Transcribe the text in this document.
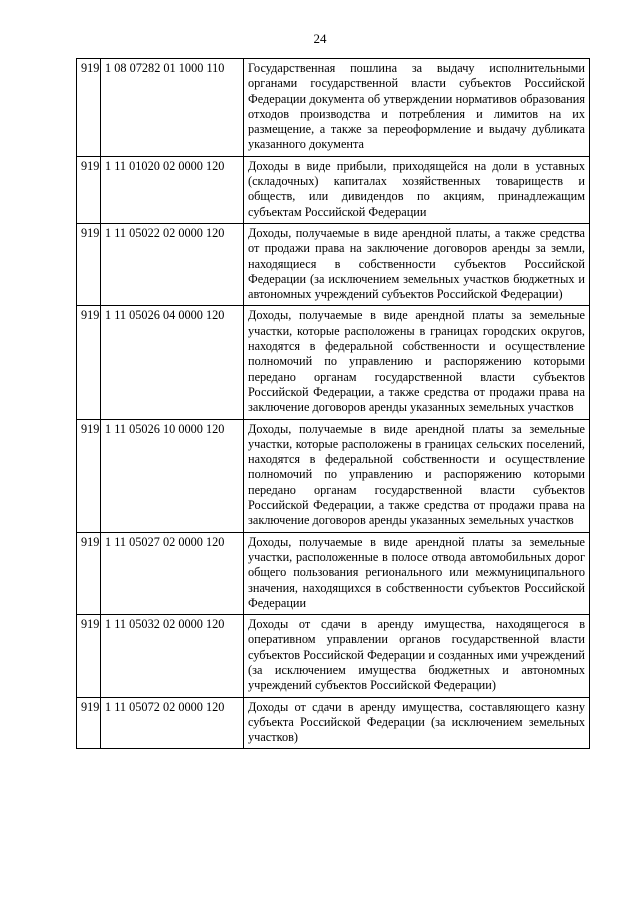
24
919	1 08 07282 01 1000 110	Государственная пошлина за выдачу исполнительными органами государственной власти субъектов Российской Федерации документа об утверждении нормативов образования отходов производства и потребления и лимитов на их размещение, а также за переоформление и выдачу дубликата указанного документа
919	1 11 01020 02 0000 120	Доходы в виде прибыли, приходящейся на доли в уставных (складочных) капиталах хозяйственных товариществ и обществ, или дивидендов по акциям, принадлежащим субъектам Российской Федерации
919	1 11 05022 02 0000 120	Доходы, получаемые в виде арендной платы, а также средства от продажи права на заключение договоров аренды за земли, находящиеся в собственности субъектов Российской Федерации (за исключением земельных участков бюджетных и автономных учреждений субъектов Российской Федерации)
919	1 11 05026 04 0000 120	Доходы, получаемые в виде арендной платы за земельные участки, которые расположены в границах городских округов, находятся в федеральной собственности и осуществление полномочий по управлению и распоряжению которыми передано органам государственной власти субъектов Российской Федерации, а также средства от продажи права на заключение договоров аренды указанных земельных участков
919	1 11 05026 10 0000 120	Доходы, получаемые в виде арендной платы за земельные участки, которые расположены в границах сельских поселений, находятся в федеральной собственности и осуществление полномочий по управлению и распоряжению которыми передано органам государственной власти субъектов Российской Федерации, а также средства от продажи права на заключение договоров аренды указанных земельных участков
919	1 11 05027 02 0000 120	Доходы, получаемые в виде арендной платы за земельные участки, расположенные в полосе отвода автомобильных дорог общего пользования регионального или межмуниципального значения, находящихся в собственности субъектов Российской Федерации
919	1 11 05032 02 0000 120	Доходы от сдачи в аренду имущества, находящегося в оперативном управлении органов государственной власти субъектов Российской Федерации и созданных ими учреждений (за исключением имущества бюджетных и автономных учреждений субъектов Российской Федерации)
919	1 11 05072 02 0000 120	Доходы от сдачи в аренду имущества, составляющего казну субъекта Российской Федерации (за исключением земельных участков)
